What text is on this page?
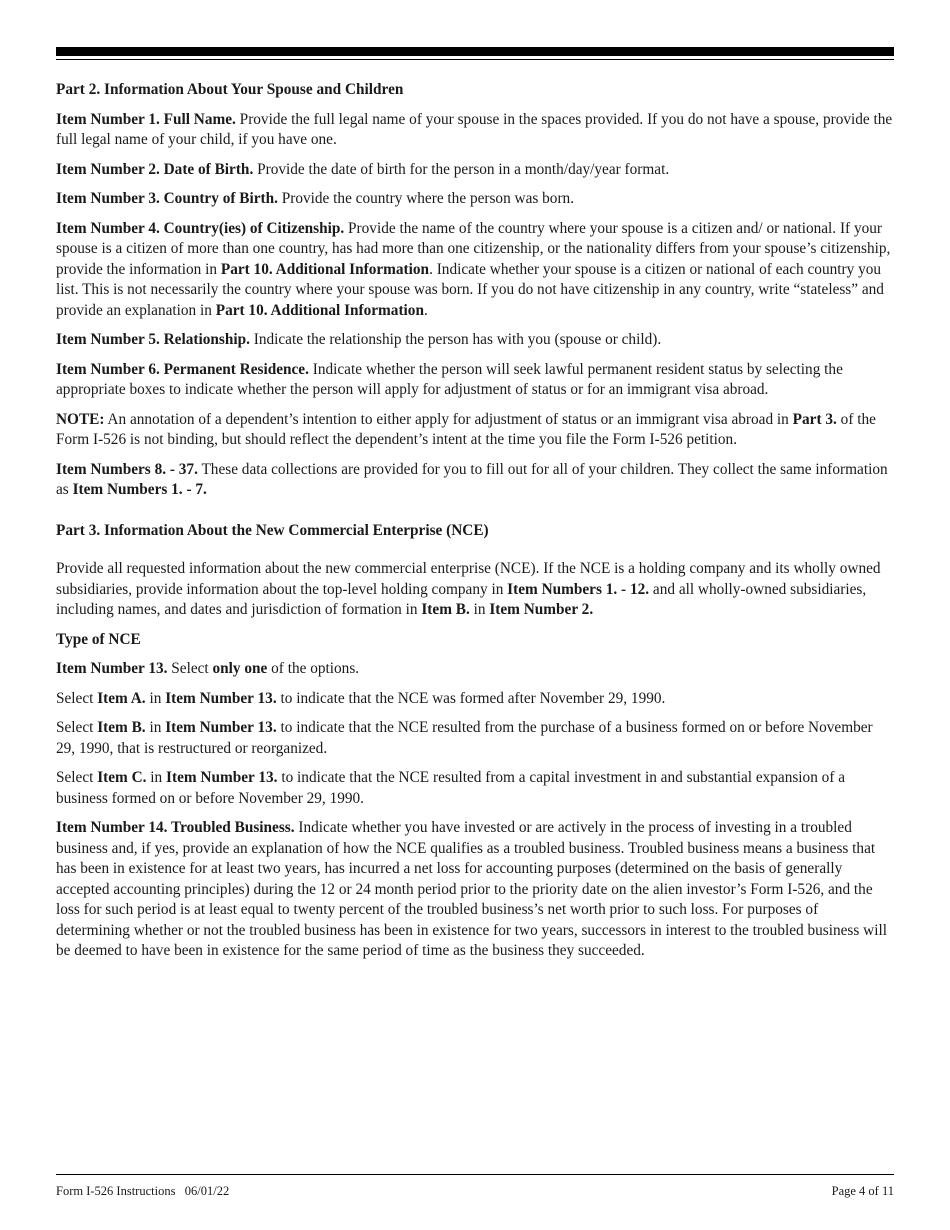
Part 2. Information About Your Spouse and Children

Item Number 1. Full Name. Provide the full legal name of your spouse in the spaces provided. If you do not have a spouse, provide the full legal name of your child, if you have one.

Item Number 2. Date of Birth. Provide the date of birth for the person in a month/day/year format.

Item Number 3. Country of Birth. Provide the country where the person was born.

Item Number 4. Country(ies) of Citizenship. Provide the name of the country where your spouse is a citizen and/ or national. If your spouse is a citizen of more than one country, has had more than one citizenship, or the nationality differs from your spouse’s citizenship, provide the information in Part 10. Additional Information. Indicate whether your spouse is a citizen or national of each country you list. This is not necessarily the country where your spouse was born. If you do not have citizenship in any country, write “stateless” and provide an explanation in Part 10. Additional Information.

Item Number 5. Relationship. Indicate the relationship the person has with you (spouse or child).

Item Number 6. Permanent Residence. Indicate whether the person will seek lawful permanent resident status by selecting the appropriate boxes to indicate whether the person will apply for adjustment of status or for an immigrant visa abroad.

NOTE: An annotation of a dependent’s intention to either apply for adjustment of status or an immigrant visa abroad in Part 3. of the Form I-526 is not binding, but should reflect the dependent’s intent at the time you file the Form I-526 petition.

Item Numbers 8. - 37. These data collections are provided for you to fill out for all of your children. They collect the same information as Item Numbers 1. - 7.

Part 3. Information About the New Commercial Enterprise (NCE)

Provide all requested information about the new commercial enterprise (NCE). If the NCE is a holding company and its wholly owned subsidiaries, provide information about the top-level holding company in Item Numbers 1. - 12. and all wholly-owned subsidiaries, including names, and dates and jurisdiction of formation in Item B. in Item Number 2.

Type of NCE

Item Number 13. Select only one of the options.

Select Item A. in Item Number 13. to indicate that the NCE was formed after November 29, 1990.

Select Item B. in Item Number 13. to indicate that the NCE resulted from the purchase of a business formed on or before November 29, 1990, that is restructured or reorganized.

Select Item C. in Item Number 13. to indicate that the NCE resulted from a capital investment in and substantial expansion of a business formed on or before November 29, 1990.

Item Number 14. Troubled Business. Indicate whether you have invested or are actively in the process of investing in a troubled business and, if yes, provide an explanation of how the NCE qualifies as a troubled business. Troubled business means a business that has been in existence for at least two years, has incurred a net loss for accounting purposes (determined on the basis of generally accepted accounting principles) during the 12 or 24 month period prior to the priority date on the alien investor’s Form I-526, and the loss for such period is at least equal to twenty percent of the troubled business’s net worth prior to such loss. For purposes of determining whether or not the troubled business has been in existence for two years, successors in interest to the troubled business will be deemed to have been in existence for the same period of time as the business they succeeded.

Form I-526 Instructions   06/01/22	Page 4 of 11
